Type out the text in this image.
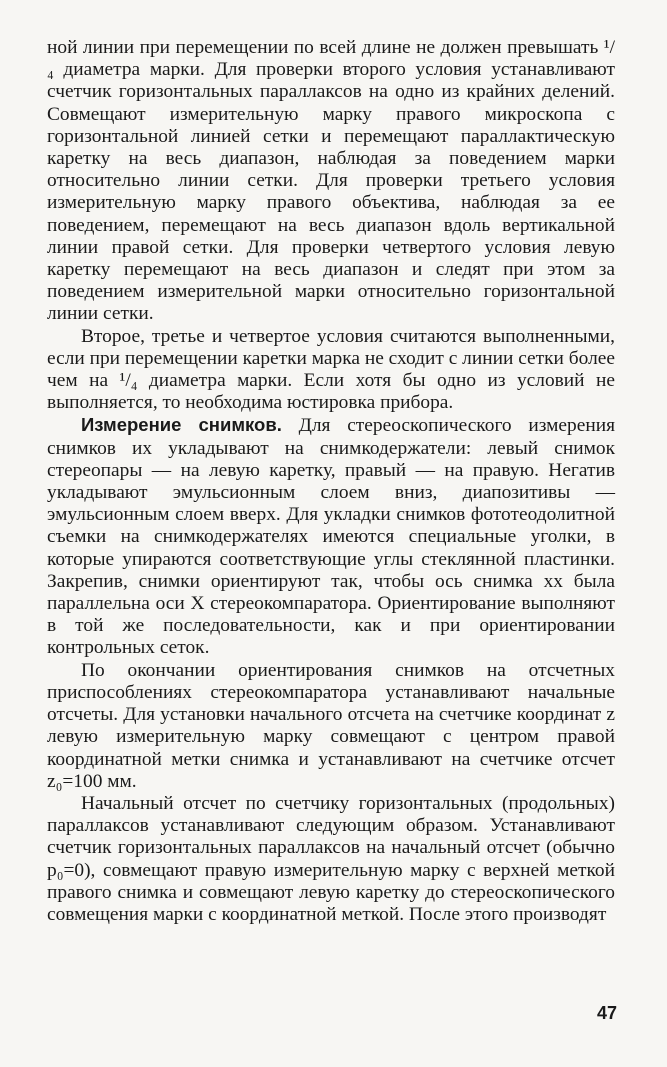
ной линии при перемещении по всей длине не должен превышать ¹/₄ диаметра марки. Для проверки второго условия устанавливают счетчик горизонтальных параллаксов на одно из крайних делений. Совмещают измерительную марку правого микроскопа с горизонтальной линией сетки и перемещают параллактическую каретку на весь диапазон, наблюдая за поведением марки относительно линии сетки. Для проверки третьего условия измерительную марку правого объектива, наблюдая за ее поведением, перемещают на весь диапазон вдоль вертикальной линии правой сетки. Для проверки четвертого условия левую каретку перемещают на весь диапазон и следят при этом за поведением измерительной марки относительно горизонтальной линии сетки.

Второе, третье и четвертое условия считаются выполненными, если при перемещении каретки марка не сходит с линии сетки более чем на ¹/₄ диаметра марки. Если хотя бы одно из условий не выполняется, то необходима юстировка прибора.

Измерение снимков. Для стереоскопического измерения снимков их укладывают на снимкодержатели: левый снимок стереопары — на левую каретку, правый — на правую. Негатив укладывают эмульсионным слоем вниз, диапозитивы — эмульсионным слоем вверх. Для укладки снимков фототеодолитной съемки на снимкодержателях имеются специальные уголки, в которые упираются соответствующие углы стеклянной пластинки. Закрепив, снимки ориентируют так, чтобы ось снимка xx была параллельна оси X стереокомпаратора. Ориентирование выполняют в той же последовательности, как и при ориентировании контрольных сеток.

По окончании ориентирования снимков на отсчетных приспособлениях стереокомпаратора устанавливают начальные отсчеты. Для установки начального отсчета на счетчике координат z левую измерительную марку совмещают с центром правой координатной метки снимка и устанавливают на счетчике отсчет z₀=100 мм.

Начальный отсчет по счетчику горизонтальных (продольных) параллаксов устанавливают следующим образом. Устанавливают счетчик горизонтальных параллаксов на начальный отсчет (обычно p₀=0), совмещают правую измерительную марку с верхней меткой правого снимка и совмещают левую каретку до стереоскопического совмещения марки с координатной меткой. После этого производят

47
